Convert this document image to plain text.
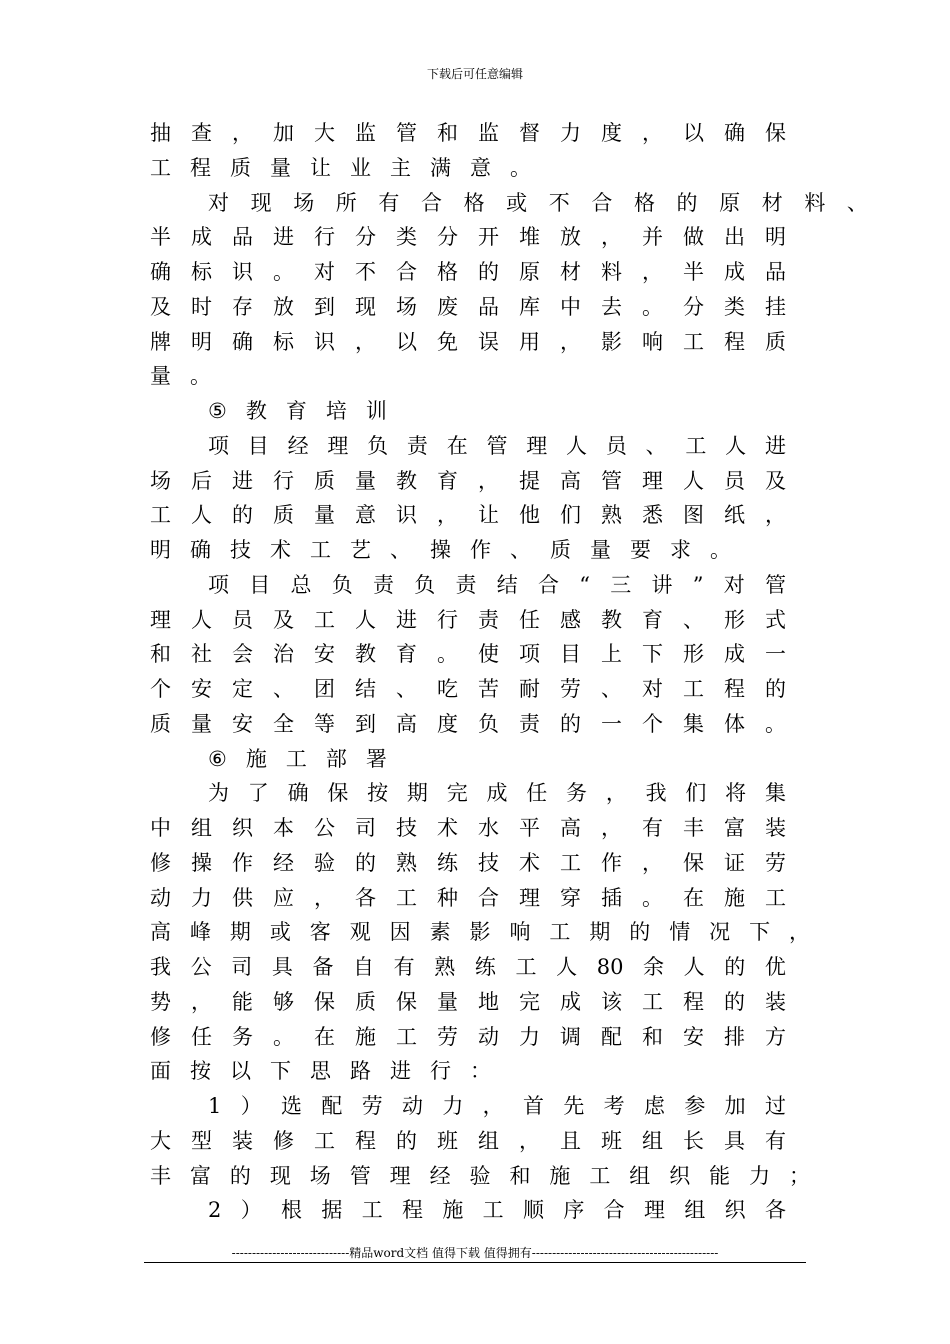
下载后可任意编辑
抽 查 ， 加 大 监 管 和 监 督 力 度 ， 以 确 保
工 程 质 量 让 业 主 满 意 。
对 现 场 所 有 合 格 或 不 合 格 的 原 材 料 、
半 成 品 进 行 分 类 分 开 堆 放 ， 并 做 出 明
确 标 识 。 对 不 合 格 的 原 材 料 ， 半 成 品
及 时 存 放 到 现 场 废 品 库 中 去 。 分 类 挂
牌 明 确 标 识 ， 以 免 误 用 ， 影 响 工 程 质
量 。
⑤ 教 育 培 训
项 目 经 理 负 责 在 管 理 人 员 、 工 人 进
场 后 进 行 质 量 教 育 ， 提 高 管 理 人 员 及
工 人 的 质 量 意 识 ， 让 他 们 熟 悉 图 纸 ，
明 确 技 术 工 艺 、 操 作 、 质 量 要 求 。
项 目 总 负 责 负 责 结 合 “ 三 讲 ” 对 管
理 人 员 及 工 人 进 行 责 任 感 教 育 、 形 式
和 社 会 治 安 教 育 。 使 项 目 上 下 形 成 一
个 安 定 、 团 结 、 吃 苦 耐 劳 、 对 工 程 的
质 量 安 全 等 到 高 度 负 责 的 一 个 集 体 。
⑥ 施 工 部 署
为 了 确 保 按 期 完 成 任 务 ， 我 们 将 集
中 组 织 本 公 司 技 术 水 平 高 ， 有 丰 富 装
修 操 作 经 验 的 熟 练 技 术 工 作 ， 保 证 劳
动 力 供 应 ， 各 工 种 合 理 穿 插 。 在 施 工
高 峰 期 或 客 观 因 素 影 响 工 期 的 情 况 下 ，
我 公 司 具 备 自 有 熟 练 工 人 80 余 人 的 优
势 ， 能 够 保 质 保 量 地 完 成 该 工 程 的 装
修 任 务 。 在 施 工 劳 动 力 调 配 和 安 排 方
面 按 以 下 思 路 进 行 ：
1 ） 选 配 劳 动 力 ， 首 先 考 虑 参 加 过
大 型 装 修 工 程 的 班 组 ， 且 班 组 长 具 有
丰 富 的 现 场 管 理 经 验 和 施 工 组 织 能 力 ；
2 ） 根 据 工 程 施 工 顺 序 合 理 组 织 各
-----------------------------精品word文档 值得下载 值得拥有----------------------------------------------
